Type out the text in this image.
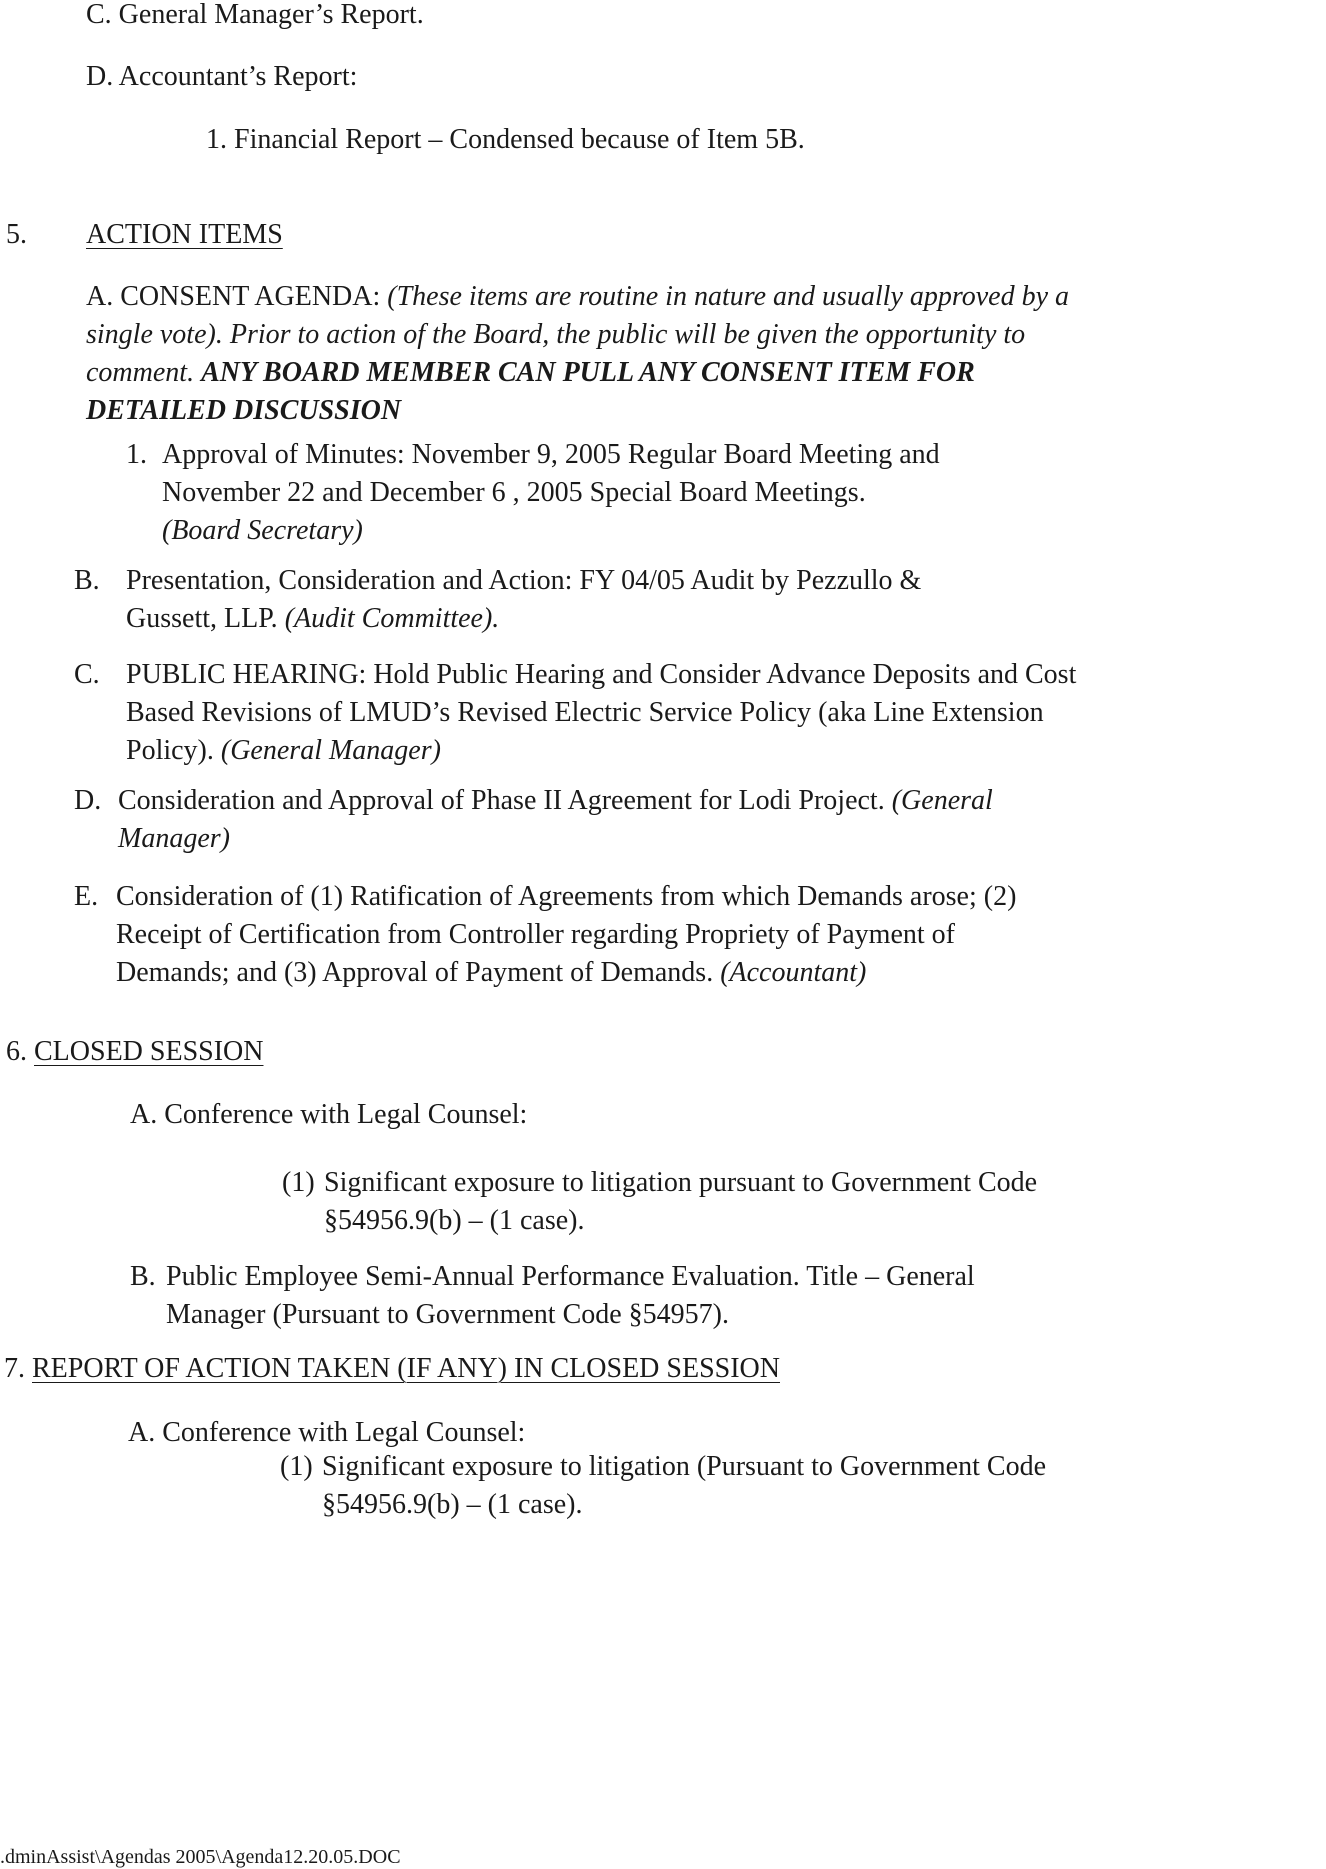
C. General Manager’s Report.
D. Accountant’s Report:
1. Financial Report – Condensed because of Item 5B.
5. ACTION ITEMS
A. CONSENT AGENDA: (These items are routine in nature and usually approved by a single vote). Prior to action of the Board, the public will be given the opportunity to comment. ANY BOARD MEMBER CAN PULL ANY CONSENT ITEM FOR DETAILED DISCUSSION
1. Approval of Minutes: November 9, 2005 Regular Board Meeting and November 22 and December 6 , 2005 Special Board Meetings.
(Board Secretary)
B. Presentation, Consideration and Action: FY 04/05 Audit by Pezzullo & Gussett, LLP. (Audit Committee).
C. PUBLIC HEARING: Hold Public Hearing and Consider Advance Deposits and Cost Based Revisions of LMUD’s Revised Electric Service Policy (aka Line Extension Policy). (General Manager)
D. Consideration and Approval of Phase II Agreement for Lodi Project. (General Manager)
E. Consideration of (1) Ratification of Agreements from which Demands arose; (2) Receipt of Certification from Controller regarding Propriety of Payment of Demands; and (3) Approval of Payment of Demands. (Accountant)
6. CLOSED SESSION
A. Conference with Legal Counsel:
(1) Significant exposure to litigation pursuant to Government Code §54956.9(b) – (1 case).
B. Public Employee Semi-Annual Performance Evaluation. Title – General Manager (Pursuant to Government Code §54957).
7. REPORT OF ACTION TAKEN (IF ANY) IN CLOSED SESSION
A. Conference with Legal Counsel:
(1) Significant exposure to litigation (Pursuant to Government Code §54956.9(b) – (1 case).
.dminAssist\Agendas 2005\Agenda12.20.05.DOC
